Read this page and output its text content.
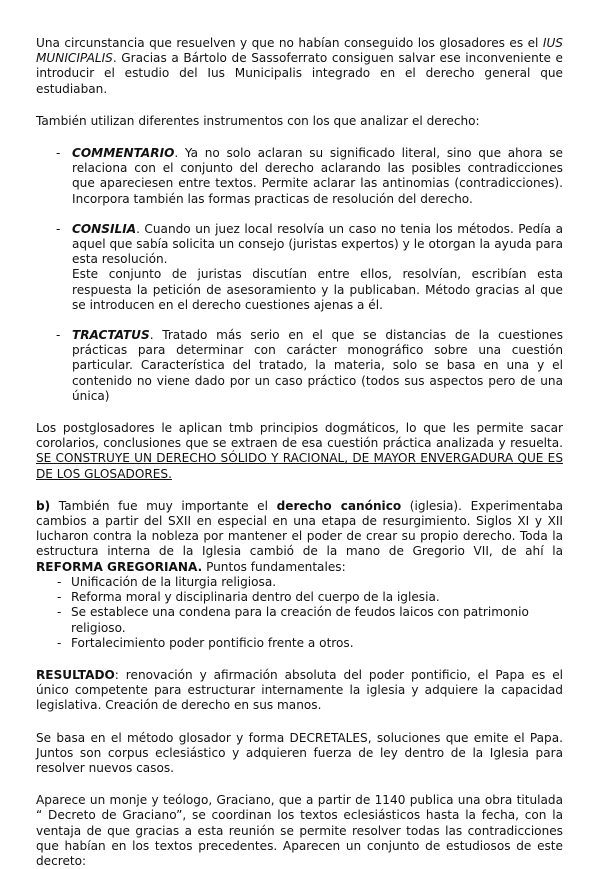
Una circunstancia que resuelven y que no habían conseguido los glosadores es el IUS MUNICIPALIS. Gracias a Bártolo de Sassoferrato consiguen salvar ese inconveniente e introducir el estudio del Ius Municipalis integrado en el derecho general que estudiaban.

También utilizan diferentes instrumentos con los que analizar el derecho:

- COMMENTARIO. Ya no solo aclaran su significado literal, sino que ahora se relaciona con el conjunto del derecho aclarando las posibles contradicciones que apareciesen entre textos. Permite aclarar las antinomias (contradicciones). Incorpora también las formas practicas de resolución del derecho.

- CONSILIA. Cuando un juez local resolvía un caso no tenia los métodos. Pedía a aquel que sabía solicita un consejo (juristas expertos) y le otorgan la ayuda para esta resolución.

Este conjunto de juristas discutían entre ellos, resolvían, escribían esta respuesta la petición de asesoramiento y la publicaban. Método gracias al que se introducen en el derecho cuestiones ajenas a él.

- TRACTATUS. Tratado más serio en el que se distancias de la cuestiones prácticas para determinar con carácter monográfico sobre una cuestión particular. Característica del tratado, la materia, solo se basa en una y el contenido no viene dado por un caso práctico (todos sus aspectos pero de una única)

Los postglosadores le aplican tmb principios dogmáticos, lo que les permite sacar corolarios, conclusiones que se extraen de esa cuestión práctica analizada y resuelta. SE CONSTRUYE UN DERECHO SÓLIDO Y RACIONAL, DE MAYOR ENVERGADURA QUE ES DE LOS GLOSADORES.

b) También fue muy importante el derecho canónico (iglesia). Experimentaba cambios a partir del SXII en especial en una etapa de resurgimiento. Siglos XI y XII lucharon contra la nobleza por mantener el poder de crear su propio derecho. Toda la estructura interna de la Iglesia cambió de la mano de Gregorio VII, de ahí la REFORMA GREGORIANA. Puntos fundamentales:

- Unificación de la liturgia religiosa.
- Reforma moral y disciplinaria dentro del cuerpo de la iglesia.
- Se establece una condena para la creación de feudos laicos con patrimonio religioso.
- Fortalecimiento poder pontificio frente a otros.

RESULTADO: renovación y afirmación absoluta del poder pontificio, el Papa es el único competente para estructurar internamente la iglesia y adquiere la capacidad legislativa. Creación de derecho en sus manos.

Se basa en el método glosador y forma DECRETALES, soluciones que emite el Papa. Juntos son corpus eclesiástico y adquieren fuerza de ley dentro de la Iglesia para resolver nuevos casos.

Aparece un monje y teólogo, Graciano, que a partir de 1140 publica una obra titulada “ Decreto de Graciano”, se coordinan los textos eclesiásticos hasta la fecha, con la ventaja de que gracias a esta reunión se permite resolver todas las contradicciones que habían en los textos precedentes. Aparecen un conjunto de estudiosos de este decreto:
